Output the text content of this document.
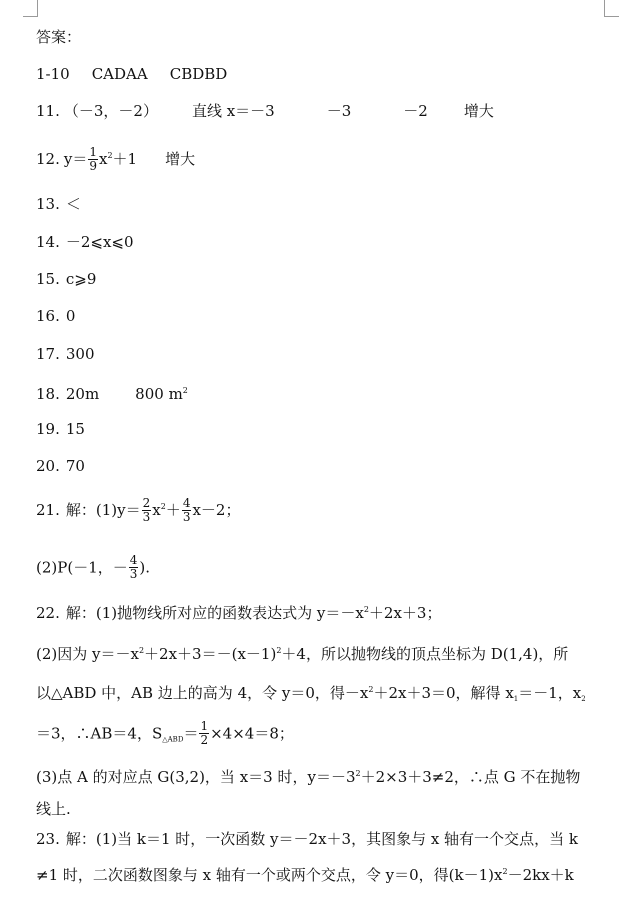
答案：
1-10 CADAA CBDBD
11. （－3，－2） 直线 x＝－3	－3	－2 增大
12. $y= \frac{1}{9} x^2+1$ 增大
13. ＜
14. －2⩽x⩽0
15. c⩾9
16. 0
17. 300
18. 20m 800 $m^2$
19. 15
20. 70
21. 解：$(1)y= \frac{2}{3} x^2+ \frac{4}{3} x-2$；
(2)P(－1，－ $\frac{4}{3}$ ).
22. 解：(1)抛物线所对应的函数表达式为 $y=-x^2+2x+3$；
(2)因为 $y=-x^2+2x+3=-(x-1)^2+4$，所以抛物线的顶点坐标为 D(1,4)，所
以△ABD 中，AB 边上的高为 4，令 y＝0，得$-x^2+2x+3=0$，解得 $x_1=-1$，$x_2$
＝3，∴AB＝4，$S_{\triangle ABD}= \frac{1}{2} \times 4\times 4=8$；
(3)点 A 的对应点 G(3,2)，当 x＝3 时，$y=-3^2+2\times 3+3\ne 2$，∴点 G 不在抛物
线上.
23. 解：(1)当 k＝1 时，一次函数 y＝－2x＋3，其图象与 x 轴有一个交点，当 k
≠1 时，二次函数图象与 x 轴有一个或两个交点，令 y＝0，得$(k-1)x^2-2kx+k$
